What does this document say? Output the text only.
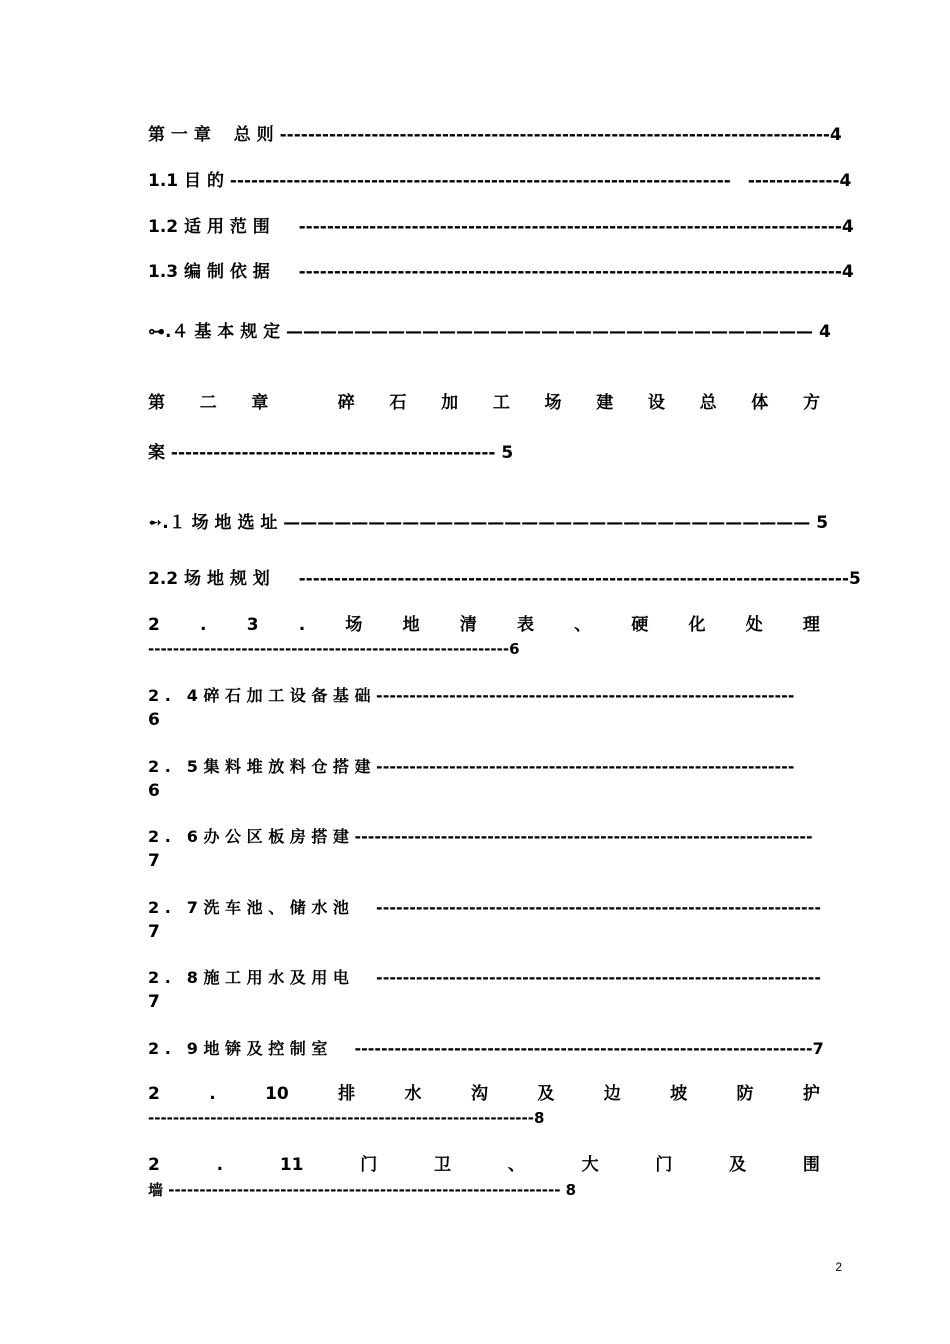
第 一 章 　总 则 ------------------------------------------------------------------------------4
1.1 目 的 -----------------------------------------------------------------------　-------------4
1.2 适 用 范 围 　 -----------------------------------------------------------------------------4
1.3 编 制 依 据 　 -----------------------------------------------------------------------------4
⊶.４ 基 本 规 定 ——————————————————————————————— 4
第 二 章	碎 石 加 工 场 建 设 总 体 方
案 ---------------------------------------------- 5
➻.１ 场 地 选 址 ——————————————————————————————— 5
2.2 场 地 规 划 　 ------------------------------------------------------------------------------5
2 . 3 . 场 地 清 表 、 硬 化 处 理
----------------------------------------------------------6
2 .　4 碎 石 加 工 设 备 基 础 ---------------------------------------------------------------
6
2 .　5 集 料 堆 放 料 仓 搭 建 ---------------------------------------------------------------
6
2 .　6 办 公 区 板 房 搭 建 ---------------------------------------------------------------------
7
2 .　7 洗 车 池 、 储 水 池 　 -------------------------------------------------------------------
7
2 .　8 施 工 用 水 及 用 电 　 -------------------------------------------------------------------
7
2 .　9 地 锛 及 控 制 室 　 ---------------------------------------------------------------------7
2	.	10	排	水	沟	及	边	坡	防	护
--------------------------------------------------------------8
2	.	11	门	卫	、	大	门	及	围
墙 --------------------------------------------------------------- 8
2
